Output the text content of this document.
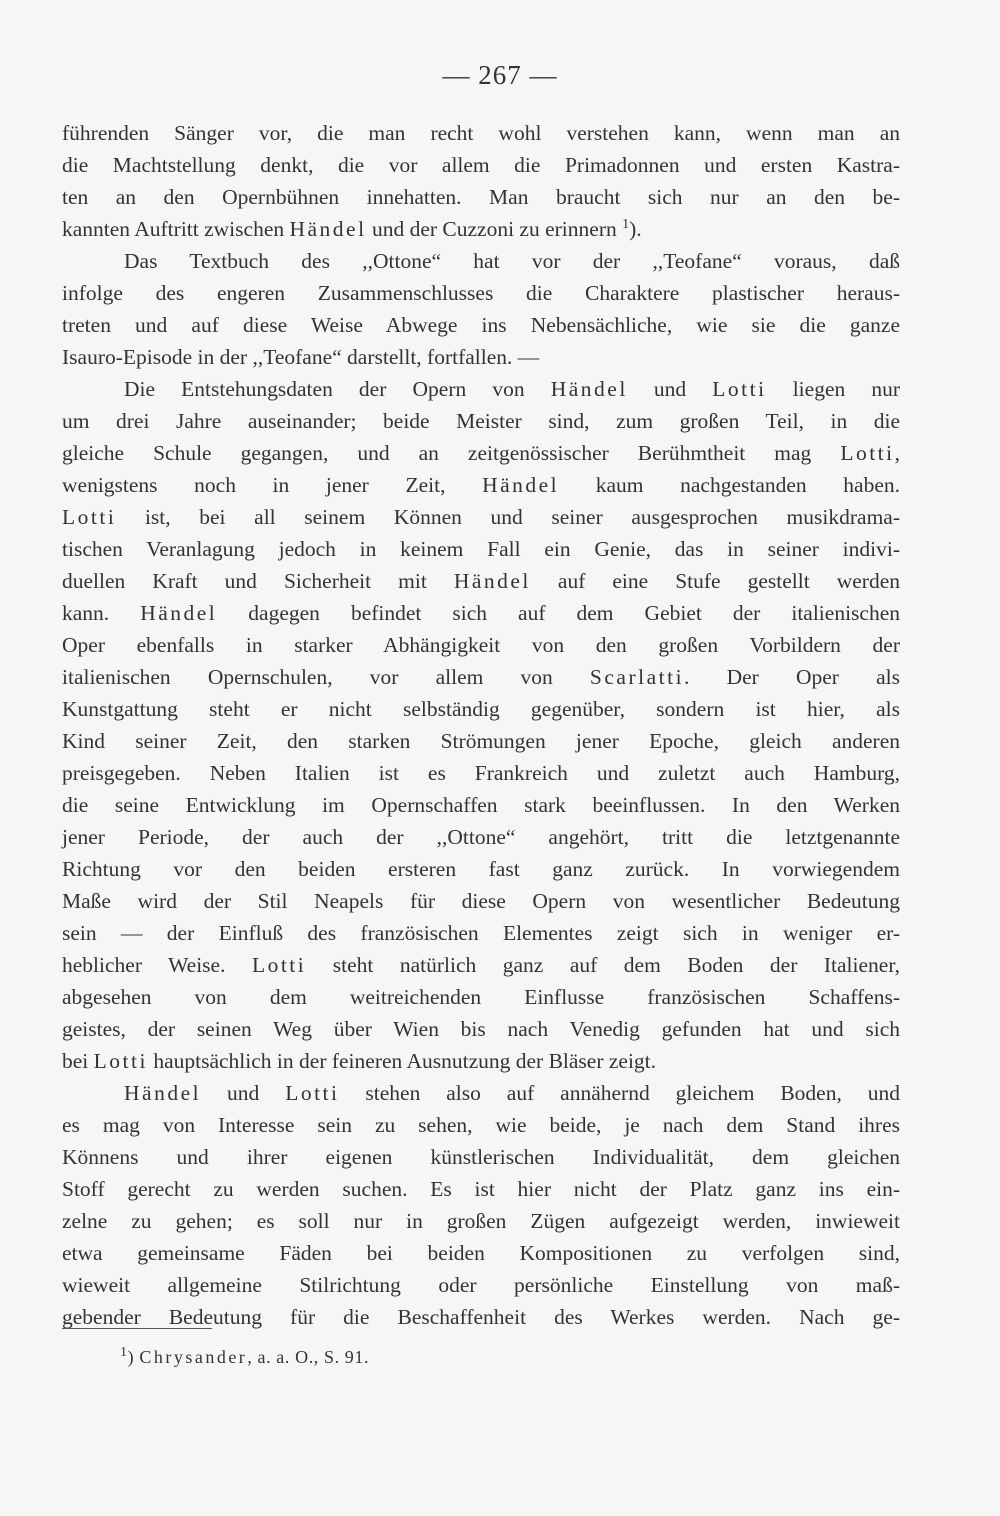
— 267 —
führenden Sänger vor, die man recht wohl verstehen kann, wenn man an
die Machtstellung denkt, die vor allem die Primadonnen und ersten Kastra-
ten an den Opernbühnen innehatten. Man braucht sich nur an den be-
kannten Auftritt zwischen Händel und der Cuzzoni zu erinnern $^1$).
Das Textbuch des ,,Ottone“ hat vor der ,,Teofane“ voraus, daß
infolge des engeren Zusammenschlusses die Charaktere plastischer heraus-
treten und auf diese Weise Abwege ins Nebensächliche, wie sie die ganze
Isauro-Episode in der ,,Teofane“ darstellt, fortfallen. —
Die Entstehungsdaten der Opern von Händel und Lotti liegen nur
um drei Jahre auseinander; beide Meister sind, zum großen Teil, in die
gleiche Schule gegangen, und an zeitgenössischer Berühmtheit mag Lotti,
wenigstens noch in jener Zeit, Händel kaum nachgestanden haben.
Lotti ist, bei all seinem Können und seiner ausgesprochen musikdrama-
tischen Veranlagung jedoch in keinem Fall ein Genie, das in seiner indivi-
duellen Kraft und Sicherheit mit Händel auf eine Stufe gestellt werden
kann. Händel dagegen befindet sich auf dem Gebiet der italienischen
Oper ebenfalls in starker Abhängigkeit von den großen Vorbildern der
italienischen Opernschulen, vor allem von Scarlatti. Der Oper als
Kunstgattung steht er nicht selbständig gegenüber, sondern ist hier, als
Kind seiner Zeit, den starken Strömungen jener Epoche, gleich anderen
preisgegeben. Neben Italien ist es Frankreich und zuletzt auch Hamburg,
die seine Entwicklung im Opernschaffen stark beeinflussen. In den Werken
jener Periode, der auch der ,,Ottone“ angehört, tritt die letztgenannte
Richtung vor den beiden ersteren fast ganz zurück. In vorwiegendem
Maße wird der Stil Neapels für diese Opern von wesentlicher Bedeutung
sein — der Einfluß des französischen Elementes zeigt sich in weniger er-
heblicher Weise. Lotti steht natürlich ganz auf dem Boden der Italiener,
abgesehen von dem weitreichenden Einflusse französischen Schaffens-
geistes, der seinen Weg über Wien bis nach Venedig gefunden hat und sich
bei Lotti hauptsächlich in der feineren Ausnutzung der Bläser zeigt.
Händel und Lotti stehen also auf annähernd gleichem Boden, und
es mag von Interesse sein zu sehen, wie beide, je nach dem Stand ihres
Könnens und ihrer eigenen künstlerischen Individualität, dem gleichen
Stoff gerecht zu werden suchen. Es ist hier nicht der Platz ganz ins ein-
zelne zu gehen; es soll nur in großen Zügen aufgezeigt werden, inwieweit
etwa gemeinsame Fäden bei beiden Kompositionen zu verfolgen sind,
wieweit allgemeine Stilrichtung oder persönliche Einstellung von maß-
gebender Bedeutung für die Beschaffenheit des Werkes werden. Nach ge-
$^1$) Chrysander, a. a. O., S. 91.
